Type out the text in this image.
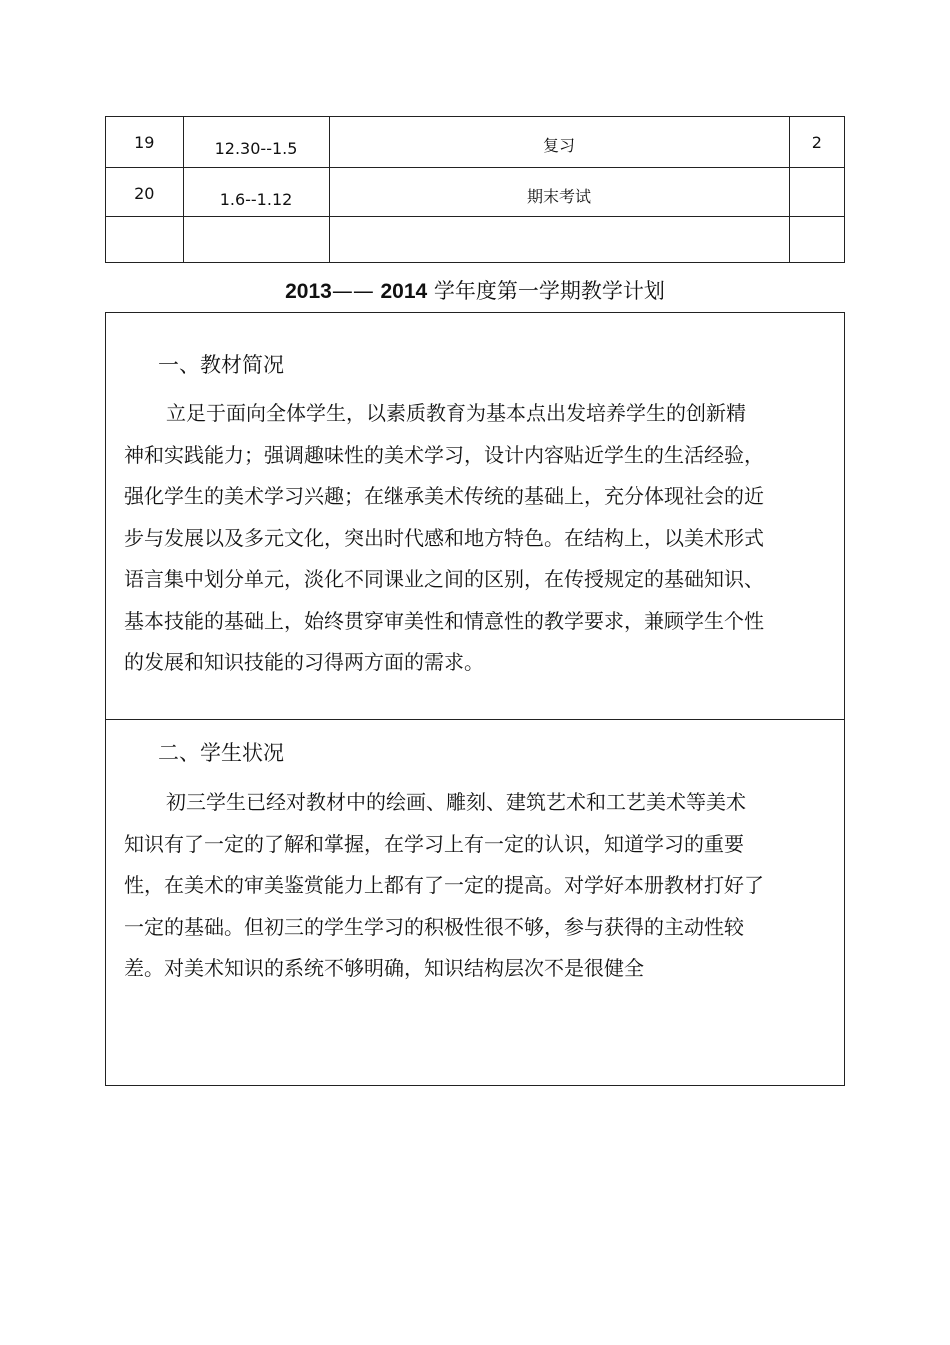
19	12.30--1.5	复习	2
20	1.6--1.12	期末考试	

2013—— 2014 学年度第一学期教学计划
一、教材简况
立足于面向全体学生，以素质教育为基本点出发培养学生的创新精神和实践能力；强调趣味性的美术学习，设计内容贴近学生的生活经验，强化学生的美术学习兴趣；在继承美术传统的基础上，充分体现社会的近步与发展以及多元文化，突出时代感和地方特色。在结构上，以美术形式语言集中划分单元，淡化不同课业之间的区别，在传授规定的基础知识、基本技能的基础上，始终贯穿审美性和情意性的教学要求，兼顾学生个性的发展和知识技能的习得两方面的需求。
二、学生状况
初三学生已经对教材中的绘画、雕刻、建筑艺术和工艺美术等美术知识有了一定的了解和掌握，在学习上有一定的认识，知道学习的重要性，在美术的审美鉴赏能力上都有了一定的提高。对学好本册教材打好了一定的基础。但初三的学生学习的积极性很不够，参与获得的主动性较差。对美术知识的系统不够明确，知识结构层次不是很健全
